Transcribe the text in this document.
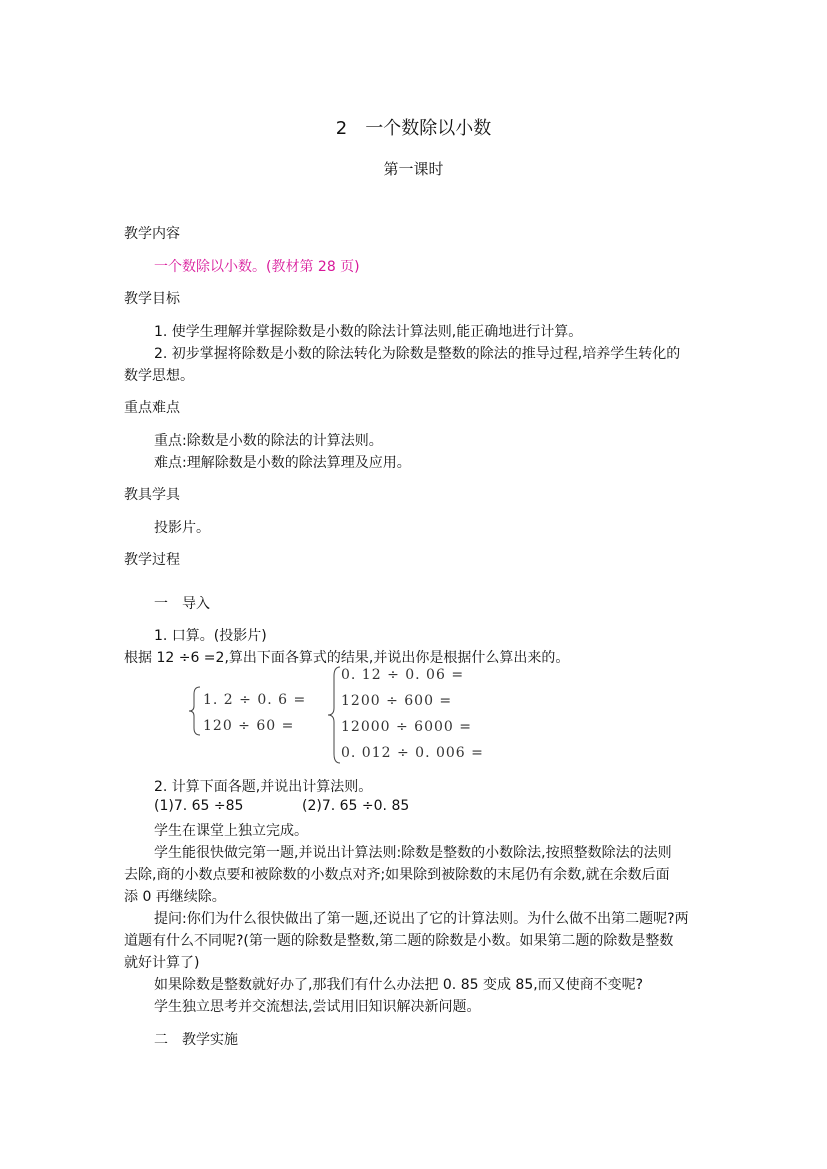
2　一个数除以小数
第一课时
教学内容
一个数除以小数。(教材第 28 页)
教学目标
1. 使学生理解并掌握除数是小数的除法计算法则,能正确地进行计算。
2. 初步掌握将除数是小数的除法转化为除数是整数的除法的推导过程,培养学生转化的
数学思想。
重点难点
重点:除数是小数的除法的计算法则。
难点:理解除数是小数的除法算理及应用。
教具学具
投影片。
教学过程
一　导入
1. 口算。(投影片)
根据 12 ÷6 =2,算出下面各算式的结果,并说出你是根据什么算出来的。
1. 2 ÷ 0. 6 =
120 ÷ 60 =
0. 12 ÷ 0. 06 =
1200 ÷ 600 =
12000 ÷ 6000 =
0. 012 ÷ 0. 006 =
2. 计算下面各题,并说出计算法则。
(1)7. 65 ÷85	(2)7. 65 ÷0. 85
学生在课堂上独立完成。
学生能很快做完第一题,并说出计算法则:除数是整数的小数除法,按照整数除法的法则
去除,商的小数点要和被除数的小数点对齐;如果除到被除数的末尾仍有余数,就在余数后面
添 0 再继续除。
提问:你们为什么很快做出了第一题,还说出了它的计算法则。为什么做不出第二题呢?两
道题有什么不同呢?(第一题的除数是整数,第二题的除数是小数。如果第二题的除数是整数
就好计算了)
如果除数是整数就好办了,那我们有什么办法把 0. 85 变成 85,而又使商不变呢?
学生独立思考并交流想法,尝试用旧知识解决新问题。
二　教学实施
